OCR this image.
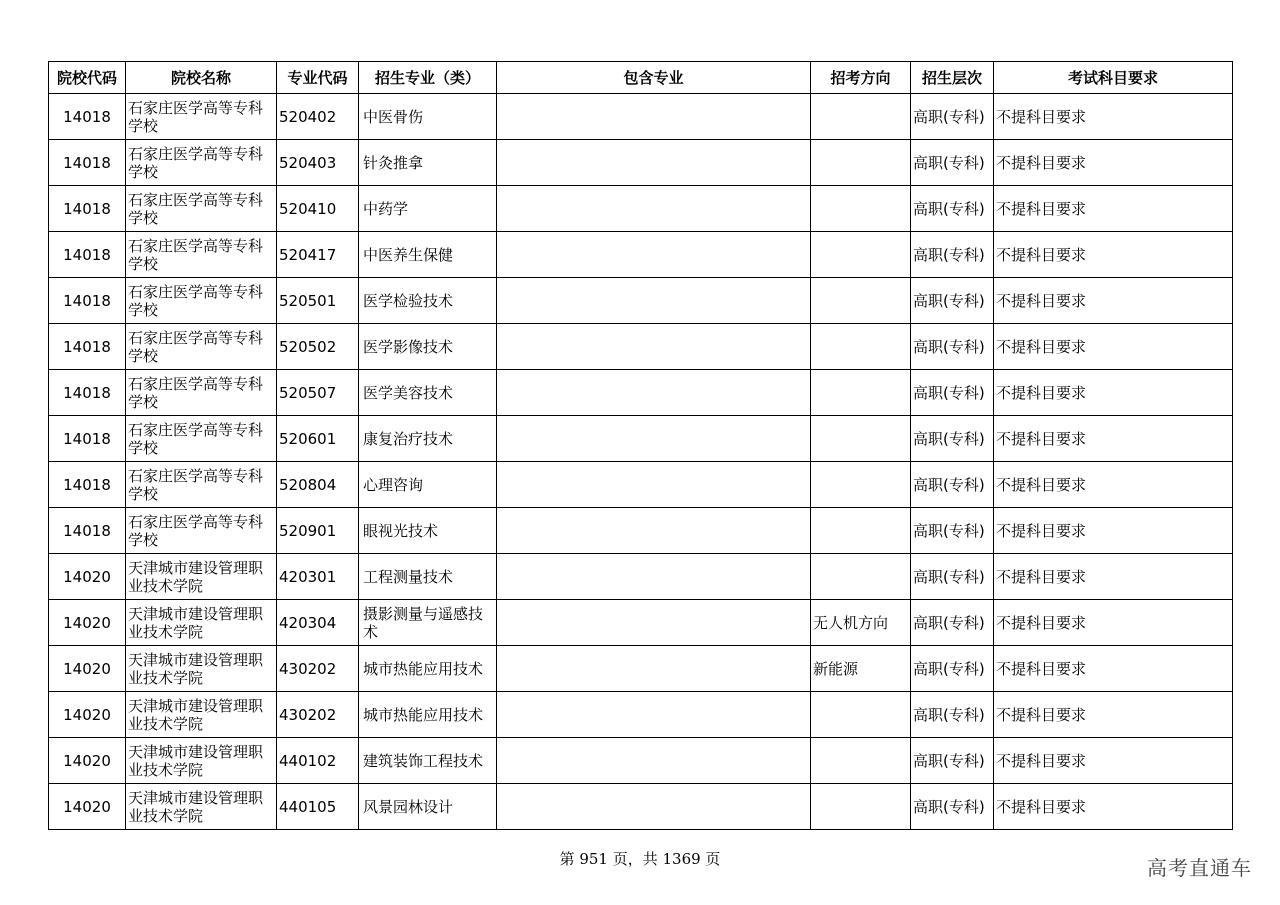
院校代码	院校名称	专业代码	招生专业（类）	包含专业	招考方向	招生层次	考试科目要求
14018	石家庄医学高等专科学校	520402	中医骨伤			高职(专科)	不提科目要求
14018	石家庄医学高等专科学校	520403	针灸推拿			高职(专科)	不提科目要求
14018	石家庄医学高等专科学校	520410	中药学			高职(专科)	不提科目要求
14018	石家庄医学高等专科学校	520417	中医养生保健			高职(专科)	不提科目要求
14018	石家庄医学高等专科学校	520501	医学检验技术			高职(专科)	不提科目要求
14018	石家庄医学高等专科学校	520502	医学影像技术			高职(专科)	不提科目要求
14018	石家庄医学高等专科学校	520507	医学美容技术			高职(专科)	不提科目要求
14018	石家庄医学高等专科学校	520601	康复治疗技术			高职(专科)	不提科目要求
14018	石家庄医学高等专科学校	520804	心理咨询			高职(专科)	不提科目要求
14018	石家庄医学高等专科学校	520901	眼视光技术			高职(专科)	不提科目要求
14020	天津城市建设管理职业技术学院	420301	工程测量技术			高职(专科)	不提科目要求
14020	天津城市建设管理职业技术学院	420304	摄影测量与遥感技术		无人机方向	高职(专科)	不提科目要求
14020	天津城市建设管理职业技术学院	430202	城市热能应用技术		新能源	高职(专科)	不提科目要求
14020	天津城市建设管理职业技术学院	430202	城市热能应用技术			高职(专科)	不提科目要求
14020	天津城市建设管理职业技术学院	440102	建筑装饰工程技术			高职(专科)	不提科目要求
14020	天津城市建设管理职业技术学院	440105	风景园林设计			高职(专科)	不提科目要求
第 951 页，共 1369 页	高考直通车
